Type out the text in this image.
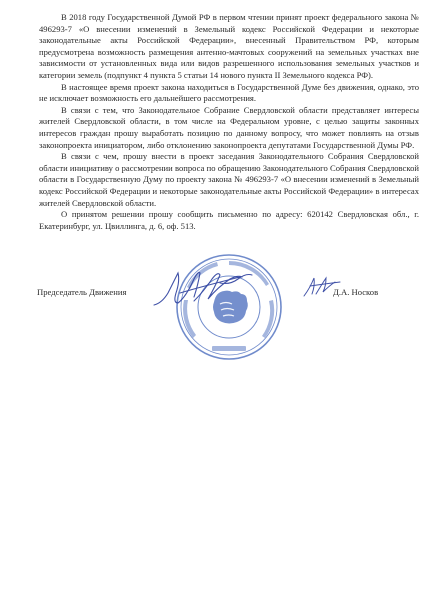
В 2018 году Государственной Думой РФ в первом чтении принят проект федерального закона № 496293-7 «О внесении изменений в Земельный кодекс Российской Федерации и некоторые законодательные акты Российской Федерации», внесенный Правительством РФ, которым предусмотрена возможность размещения антенно-мачтовых сооружений на земельных участках вне зависимости от установленных вида или видов разрешенного использования земельных участков и категории земель (подпункт 4 пункта 5 статьи 14 нового пункта II Земельного кодекса РФ).

В настоящее время проект закона находиться в Государственной Думе без движения, однако, это не исключает возможность его дальнейшего рассмотрения.

В связи с тем, что Законодательное Собрание Свердловской области представляет интересы жителей Свердловской области, в том числе на Федеральном уровне, с целью защиты законных интересов граждан прошу выработать позицию по данному вопросу, что может повлиять на отзыв законопроекта инициатором, либо отклонению законопроекта депутатами Государственной Думы РФ.

В связи с чем, прошу внести в проект заседания Законодательного Собрания Свердловской области инициативу о рассмотрении вопроса по обращению Законодательного Собрания Свердловской области в Государственную Думу по проекту закона № 496293-7 «О внесении изменений в Земельный кодекс Российской Федерации и некоторые законодательные акты Российской Федерации» в интересах жителей Свердловской области.

О принятом решении прошу сообщить письменно по адресу: 620142 Свердловская обл., г. Екатеринбург, ул. Цвиллинга, д. 6, оф. 513.

Председатель Движения	Д.А. Носков
